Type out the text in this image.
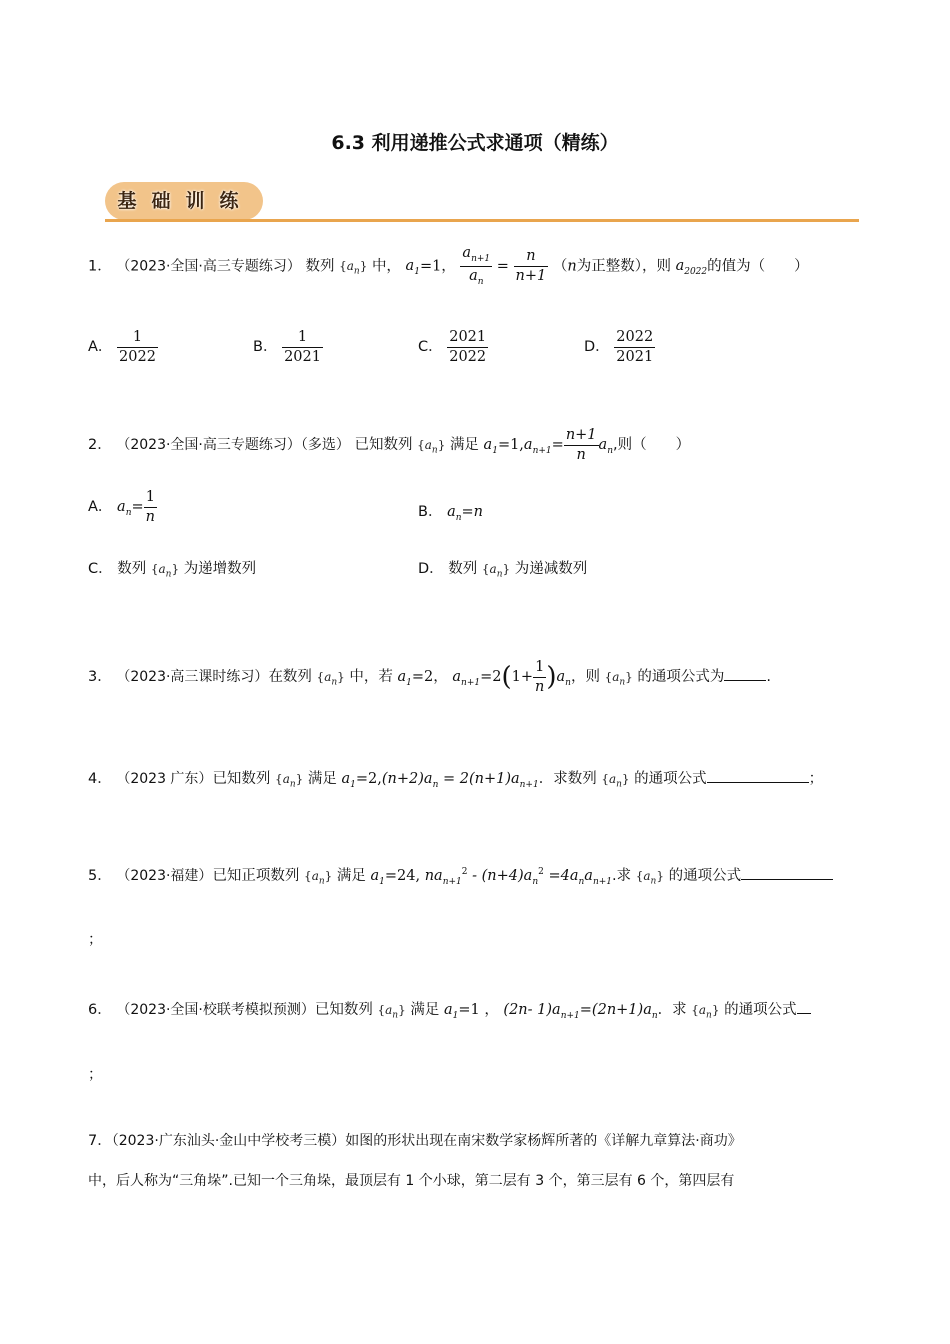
6.3 利用递推公式求通项（精练）
基 础 训 练
1． （2023·全国·高三专题练习） 数列 $\{a_n\}$ 中， $a_1=1$， $\frac{a_{n+1}}{a_n} = \frac{n}{n+1} (n$为正整数），则 $a_{2022}$的值为（　　）
A． $\frac{1}{2022}$	B． $\frac{1}{2021}$	C． $\frac{2021}{2022}$	D． $\frac{2022}{2021}$
2． （2023·全国·高三专题练习）（多选） 已知数列 $\{a_n\}$ 满足 $a_1=1,a_{n+1}= \frac{n+1}{n} a_n$,则（　　）
A． $a_n= \frac{1}{n}$	B． $a_n=n$
C． 数列 $\{a_n\}$ 为递增数列	D． 数列 $\{a_n\}$ 为递减数列
3． （2023·高三课时练习）在数列 $\{a_n\}$ 中，若 $a_1=2$， $a_{n+1}=2(1+ \frac{1}{n} )a_n$，则 $\{a_n\}$ 的通项公式为	.
4． （2023 广东）已知数列 $\{a_n\}$ 满足 $a_1=2,(n+2)a_n = 2(n+1)a_{n+1}$．求数列 $\{a_n\}$ 的通项公式	；
5． （2023·福建）已知正项数列 $\{a_n\}$ 满足 $a_1=24$, $na_{n+1}^2 - (n+4)a_n^2 =4a_na_{n+1}$.求 $\{a_n\}$ 的通项公式
；
6． （2023·全国·校联考模拟预测）已知数列 $\{a_n\}$ 满足 $a_1=1$ ， (2n- $1)a_{n+1}=(2n+1)a_n$．求 $\{a_n\}$ 的通项公式
；
7．（2023·广东汕头·金山中学校考三模）如图的形状出现在南宋数学家杨辉所著的《详解九章算法·商功》
中，后人称为“三角垛”.已知一个三角垛，最顶层有 1 个小球，第二层有 3 个，第三层有 6 个，第四层有
